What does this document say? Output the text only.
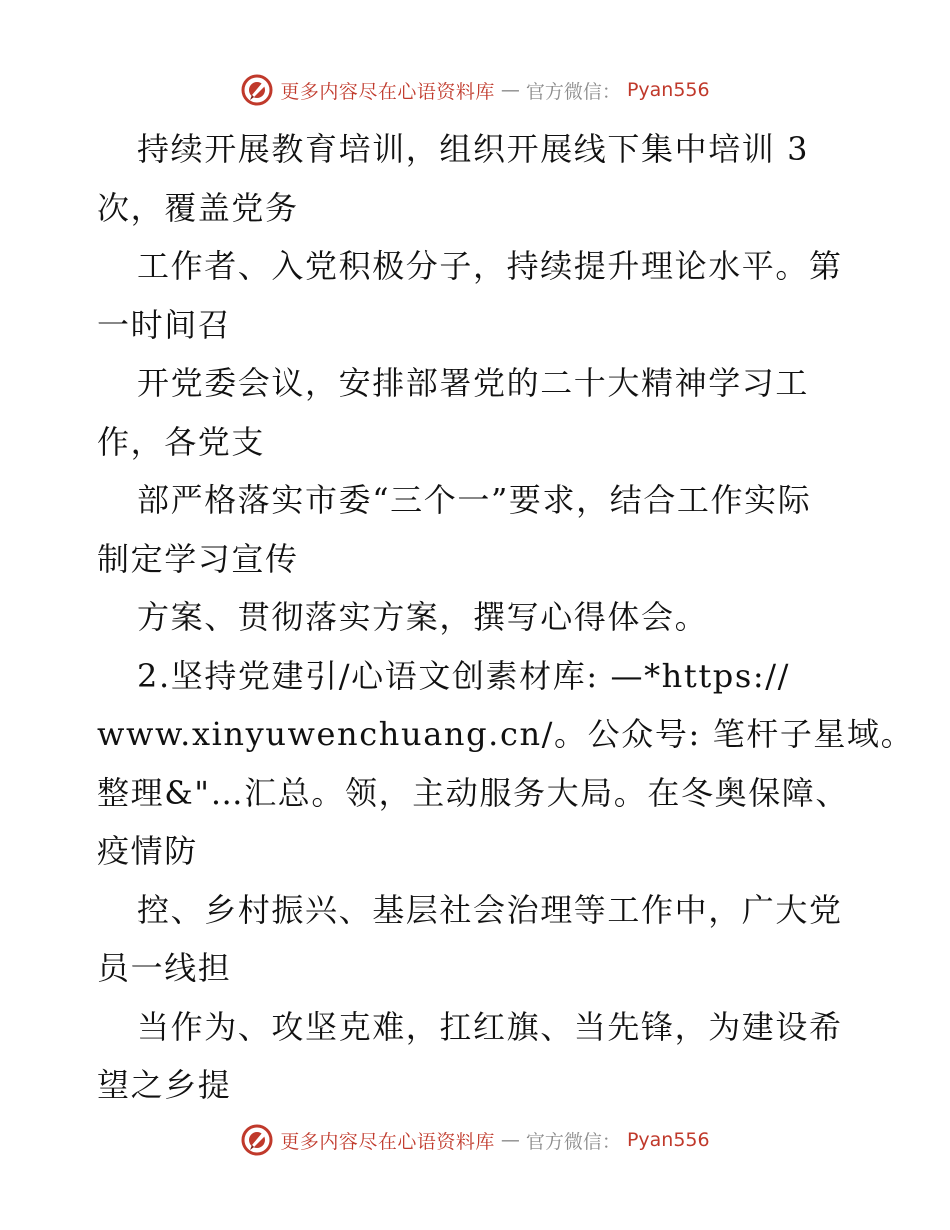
更多内容尽在心语资料库 — 官方微信： Pyan556
持续开展教育培训，组织开展线下集中培训 3
次，覆盖党务
工作者、入党积极分子，持续提升理论水平。第
一时间召
开党委会议，安排部署党的二十大精神学习工
作，各党支
部严格落实市委“三个一”要求，结合工作实际
制定学习宣传
方案、贯彻落实方案，撰写心得体会。
2.坚持党建引/心语文创素材库: —*https://
www.xinyuwenchuang.cn/。公众号: 笔杆子星域。
整理&"…汇总。领，主动服务大局。在冬奥保障、
疫情防
控、乡村振兴、基层社会治理等工作中，广大党
员一线担
当作为、攻坚克难，扛红旗、当先锋，为建设希
望之乡提
更多内容尽在心语资料库 — 官方微信： Pyan556
